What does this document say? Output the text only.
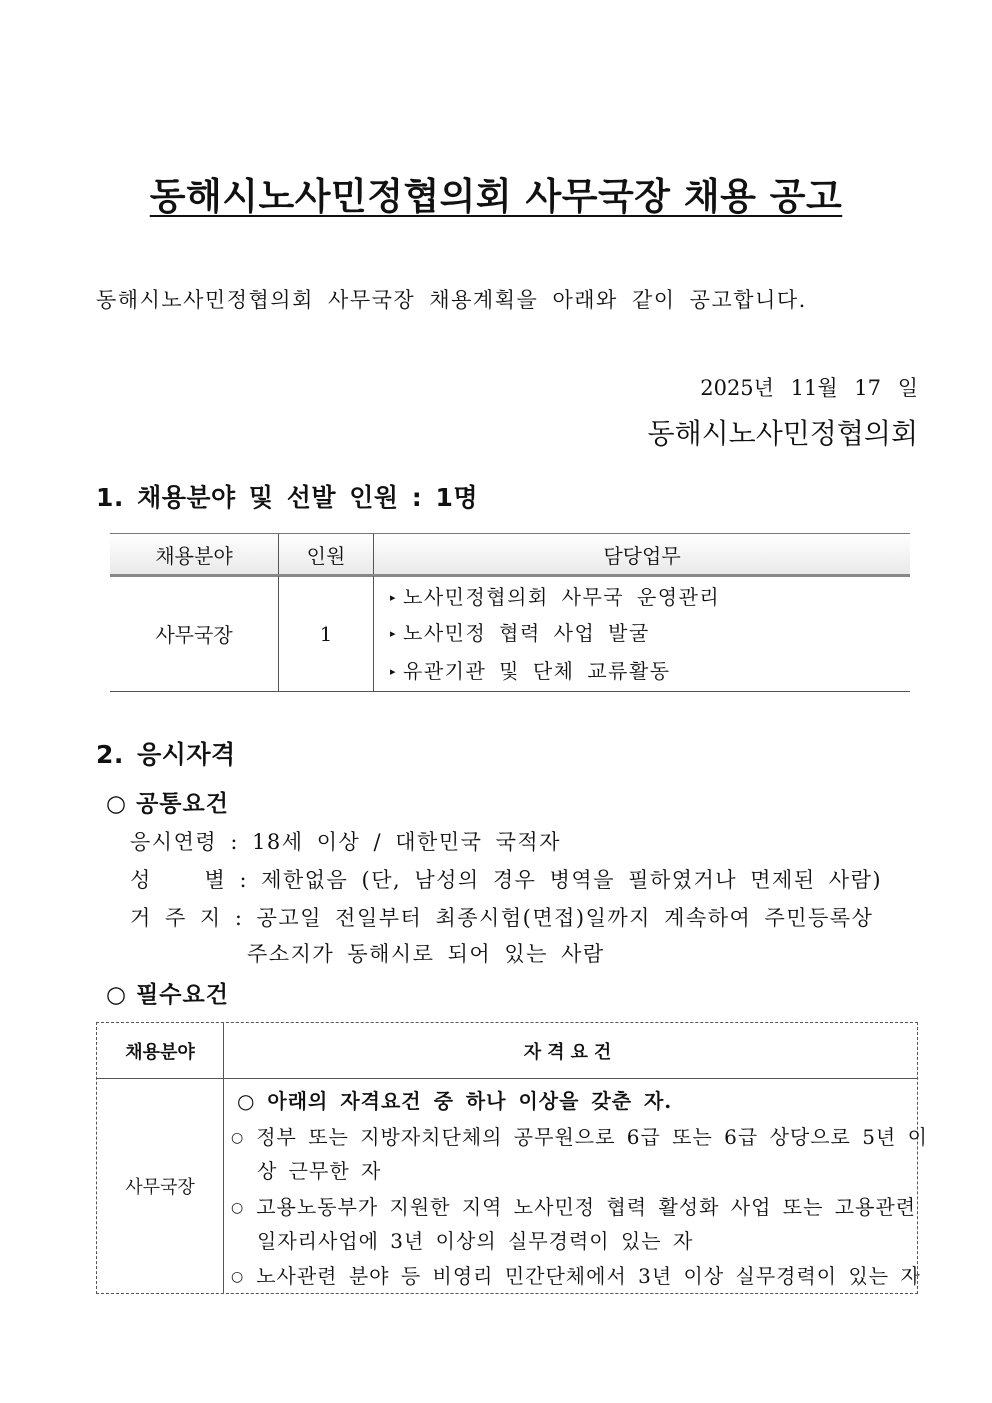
동해시노사민정협의회 사무국장 채용 공고
동해시노사민정협의회 사무국장 채용계획을 아래와 같이 공고합니다.
2025년 11월 17 일
동해시노사민정협의회
1. 채용분야 및 선발 인원 : 1명
채용분야	인원	담당업무
사무국장	1
▸ 노사민정협의회 사무국 운영관리
▸ 노사민정 협력 사업 발굴
▸ 유관기관 및 단체 교류활동
2. 응시자격
○ 공통요건
응시연령 : 18세 이상 / 대한민국 국적자
성    별 : 제한없음 (단, 남성의 경우 병역을 필하였거나 면제된 사람)
거 주 지 : 공고일 전일부터 최종시험(면접)일까지 계속하여 주민등록상
주소지가 동해시로 되어 있는 사람
○ 필수요건
채용분야	자격요건
사무국장
○ 아래의 자격요건 중 하나 이상을 갖춘 자.
○ 정부 또는 지방자치단체의 공무원으로 6급 또는 6급 상당으로 5년 이
상 근무한 자
○ 고용노동부가 지원한 지역 노사민정 협력 활성화 사업 또는 고용관련
일자리사업에 3년 이상의 실무경력이 있는 자
○ 노사관련 분야 등 비영리 민간단체에서 3년 이상 실무경력이 있는 자
